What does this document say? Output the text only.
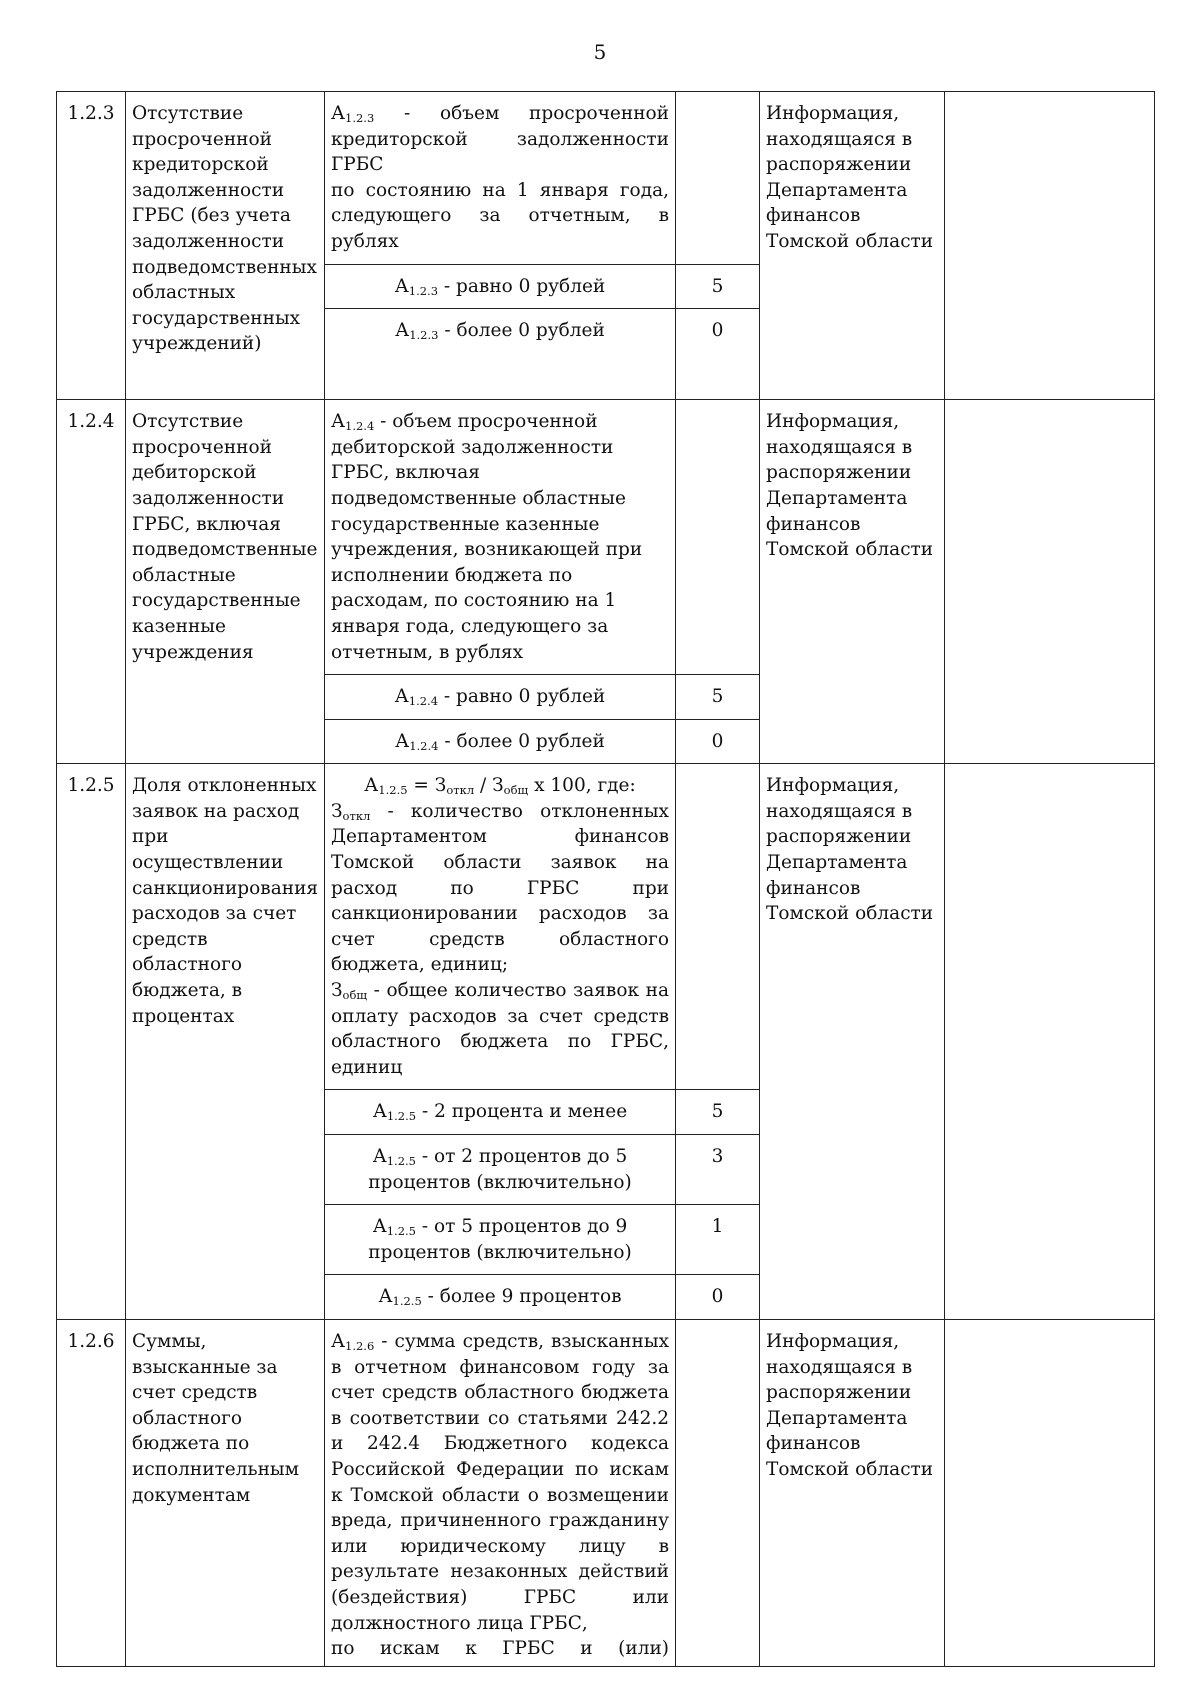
5
1.2.3	Отсутствие просроченной кредиторской задолженности ГРБС (без учета задолженности подведомственных областных государственных учреждений)	$А_{1.2.3}$ - объем просроченной
кредиторской задолженности ГРБС
по состоянию на 1 января года,
следующего за отчетным, в рублях		Информация, находящаяся в распоряжении Департамента финансов Томской области	
		$А_{1.2.3}$ - равно 0 рублей	5		
		$А_{1.2.3}$ - более 0 рублей	0		
1.2.4	Отсутствие просроченной дебиторской задолженности ГРБС, включая подведомственные областные государственные казенные учреждения	$А_{1.2.4}$ - объем просроченной дебиторской задолженности ГРБС, включая подведомственные областные государственные казенные учреждения, возникающей при исполнении бюджета по расходам, по состоянию на 1 января года, следующего за отчетным, в рублях		Информация, находящаяся в распоряжении Департамента финансов Томской области	
		$А_{1.2.4}$ - равно 0 рублей	5		
		$А_{1.2.4}$ - более 0 рублей	0		
1.2.5	Доля отклоненных заявок на расход при осуществлении санкционирования расходов за счет средств областного бюджета, в процентах	$А_{1.2.5} = З_{откл} / З_{общ}$ х 100, где:
$З_{откл}$ - количество отклоненных Департаментом финансов Томской области заявок на расход по ГРБС при санкционировании расходов за счет средств областного бюджета, единиц;
$З_{общ}$ - общее количество заявок на оплату расходов за счет средств областного бюджета по ГРБС, единиц		Информация, находящаяся в распоряжении Департамента финансов Томской области	
		$А_{1.2.5} - 2$ процента и менее	5		
		$А_{1.2.5}$ - от 2 процентов до 5 процентов (включительно)	3		
		$А_{1.2.5}$ - от 5 процентов до 9 процентов (включительно)	1		
		$А_{1.2.5}$ - более 9 процентов	0		
1.2.6	Суммы, взысканные за счет средств областного бюджета по исполнительным документам	$А_{1.2.6}$ - сумма средств, взысканных в отчетном финансовом году за счет средств областного бюджета в соответствии со статьями 242.2 и 242.4 Бюджетного кодекса Российской Федерации по искам к Томской области о возмещении вреда, причиненного гражданину или юридическому лицу в результате незаконных действий (бездействия) ГРБС или должностного лица ГРБС,
по искам к ГРБС и (или)		Информация, находящаяся в распоряжении Департамента финансов Томской области	
